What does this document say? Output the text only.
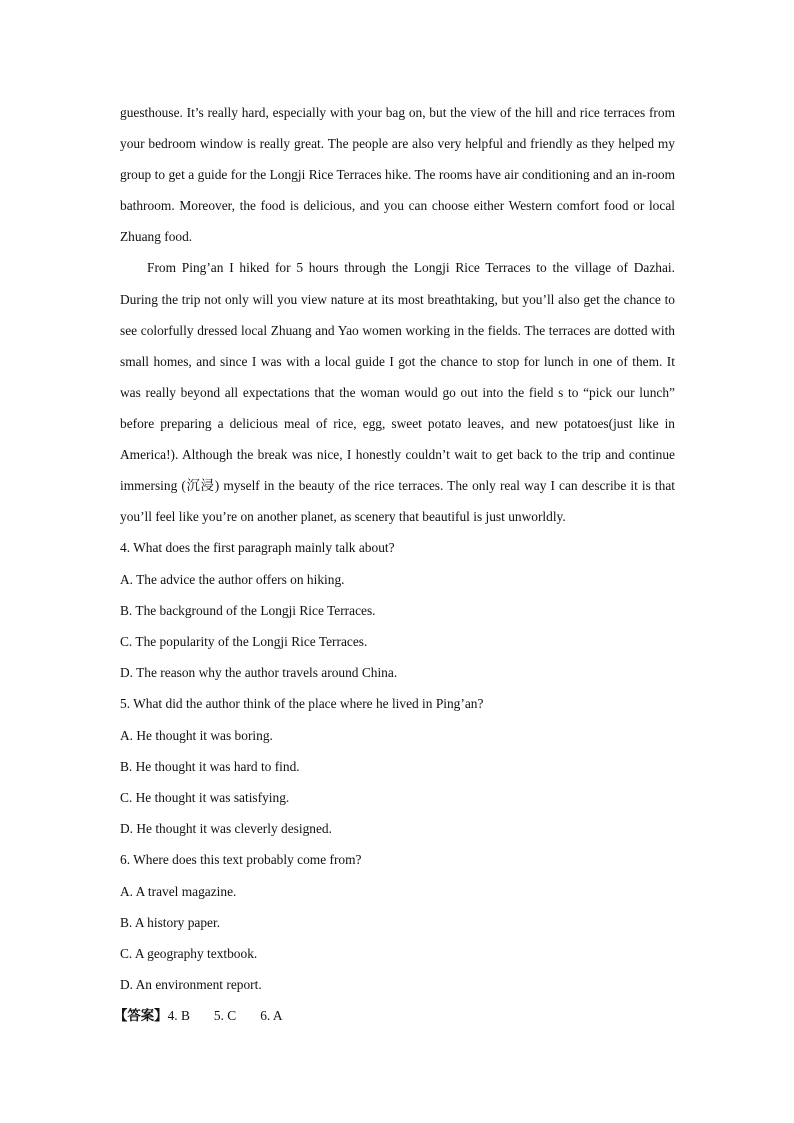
guesthouse. It’s really hard, especially with your bag on, but the view of the hill and rice terraces from your bedroom window is really great. The people are also very helpful and friendly as they helped my group to get a guide for the Longji Rice Terraces hike. The rooms have air conditioning and an in-room bathroom. Moreover, the food is delicious, and you can choose either Western comfort food or local Zhuang food.

From Ping’an I hiked for 5 hours through the Longji Rice Terraces to the village of Dazhai. During the trip not only will you view nature at its most breathtaking, but you’ll also get the chance to see colorfully dressed local Zhuang and Yao women working in the fields. The terraces are dotted with small homes, and since I was with a local guide I got the chance to stop for lunch in one of them. It was really beyond all expectations that the woman would go out into the field s to “pick our lunch” before preparing a delicious meal of rice, egg, sweet potato leaves, and new potatoes(just like in America!). Although the break was nice, I honestly couldn’t wait to get back to the trip and continue immersing (沉浸) myself in the beauty of the rice terraces. The only real way I can describe it is that you’ll feel like you’re on another planet, as scenery that beautiful is just unworldly.

4. What does the first paragraph mainly talk about?

A. The advice the author offers on hiking.

B. The background of the Longji Rice Terraces.

C. The popularity of the Longji Rice Terraces.

D. The reason why the author travels around China.

5. What did the author think of the place where he lived in Ping’an?

A. He thought it was boring.

B. He thought it was hard to find.

C. He thought it was satisfying.

D. He thought it was cleverly designed.

6. Where does this text probably come from?

A. A travel magazine.

B. A history paper.

C. A geography textbook.

D. An environment report.

【答案】4. B 5. C 6. A
